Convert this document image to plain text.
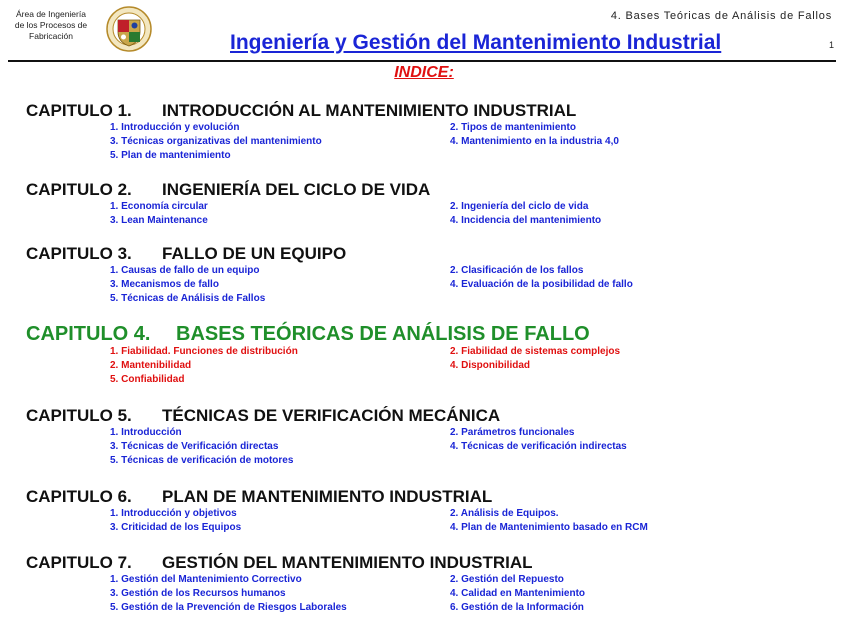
Área de Ingeniería
de los Procesos de
Fabricación
4. Bases Teóricas de Análisis de Fallos
Ingeniería y Gestión del Mantenimiento Industrial	1
INDICE:
CAPITULO 1. INTRODUCCIÓN AL MANTENIMIENTO INDUSTRIAL
1. Introducción y evolución
3. Técnicas organizativas del mantenimiento
5. Plan de mantenimiento
2. Tipos de mantenimiento
4. Mantenimiento en la industria 4,0
CAPITULO 2. INGENIERÍA DEL CICLO DE VIDA
1. Economía circular
3. Lean Maintenance
2. Ingeniería del ciclo de vida
4. Incidencia del mantenimiento
CAPITULO 3. FALLO DE UN EQUIPO
1. Causas de fallo de un equipo
3. Mecanismos de fallo
5. Técnicas de Análisis de Fallos
2. Clasificación de los fallos
4. Evaluación de la posibilidad de fallo
CAPITULO 4. BASES TEÓRICAS DE ANÁLISIS DE FALLO
1. Fiabilidad. Funciones de distribución
2. Mantenibilidad
5. Confiabilidad
2. Fiabilidad de sistemas complejos
4. Disponibilidad
CAPITULO 5. TÉCNICAS DE VERIFICACIÓN MECÁNICA
1. Introducción
3. Técnicas de Verificación directas
5. Técnicas de verificación de motores
2. Parámetros funcionales
4. Técnicas de verificación indirectas
CAPITULO 6. PLAN DE MANTENIMIENTO INDUSTRIAL
1. Introducción y objetivos
3. Criticidad de los Equipos
2. Análisis de Equipos.
4. Plan de Mantenimiento basado en RCM
CAPITULO 7. GESTIÓN DEL MANTENIMIENTO INDUSTRIAL
1. Gestión del Mantenimiento Correctivo
3. Gestión de los Recursos humanos
5. Gestión de la Prevención de Riesgos Laborales
2. Gestión del Repuesto
4. Calidad en Mantenimiento
6. Gestión de la Información
